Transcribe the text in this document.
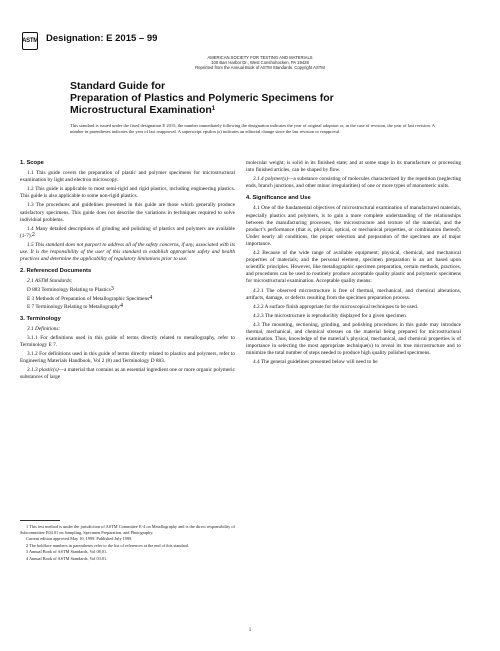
ASTM Designation: E 2015 – 99
AMERICAN SOCIETY FOR TESTING AND MATERIALS
100 Barr Harbor Dr., West Conshohocken, PA 19428
Reprinted from the Annual Book of ASTM Standards. Copyright ASTM
Standard Guide for
Preparation of Plastics and Polymeric Specimens for
Microstructural Examination$^1$
This standard is issued under the fixed designation E 2015; the number immediately following the designation indicates the year of original adoption or, in the case of revision, the year of last revision. A number in parentheses indicates the year of last reapproval. A superscript epsilon (ε) indicates an editorial change since the last revision or reapproval.

1. Scope

1.1 This guide covers the preparation of plastic and polymer specimens for microstructural examination by light and electron microscopy.

1.2 This guide is applicable to most semi-rigid and rigid plastics, including engineering plastics. This guide is also applicable to some non-rigid plastics.

1.3 The procedures and guidelines presented in this guide are those which generally produce satisfactory specimens. This guide does not describe the variations in techniques required to solve individual problems.

1.4 Many detailed descriptions of grinding and polishing of plastics and polymers are available (1-7).2

1.5 This standard does not purport to address all of the safety concerns, if any, associated with its use. It is the responsibility of the user of this standard to establish appropriate safety and health practices and determine the applicability of regulatory limitations prior to use.

2. Referenced Documents

2.1 ASTM Standards:

D 883 Terminology Relating to Plastics3

E 3 Methods of Preparation of Metallographic Specimens4

E 7 Terminology Relating to Metallography4

3. Terminology

3.1 Definitions:

3.1.1 For definitions used in this guide of terms directly related to metallography, refer to Terminology E 7.

3.1.2 For definitions used in this guide of terms directly related to plastics and polymers, refer to Engineering Materials Handbook, Vol 2 (8) and Terminology D 883.

3.1.3 plastic(s)—a material that contains as an essential ingredient one or more organic polymeric substances of large

1 This test method is under the jurisdiction of ASTM Committee E-4 on Metallography and is the direct responsibility of Subcommittee E04.01 on Sampling, Specimen Preparation, and Photography.

Current edition approved May 10, 1999. Published July 1999.

2 The boldface numbers in parentheses refer to the list of references at the end of this standard.

3 Annual Book of ASTM Standards, Vol 08.01.

4 Annual Book of ASTM Standards, Vol 03.01.

molecular weight; is solid in its finished state; and at some stage in its manufacture or processing into finished articles, can be shaped by flow.

3.1.4 polymer(s)—a substance consisting of molecules characterized by the repetition (neglecting ends, branch junctions, and other minor irregularities) of one or more types of monomeric units.

4. Significance and Use

4.1 One of the fundamental objectives of microstructural examination of manufactured materials, especially plastics and polymers, is to gain a more complete understanding of the relationships between the manufacturing processes, the microstructure and texture of the material, and the product’s performance (that is, physical, optical, or mechanical properties, or combination thereof). Under nearly all conditions, the proper selection and preparation of the specimen are of major importance.

4.2 Because of the wide range of available equipment; physical, chemical, and mechanical properties of materials; and the personal element, specimen preparation is an art based upon scientific principles. However, like metallographic specimen preparation, certain methods, practices, and procedures can be used to routinely produce acceptable quality plastic and polymeric specimens for microstructural examination. Acceptable quality means:

4.2.1 The observed microstructure is free of thermal, mechanical, and chemical alterations, artifacts, damage, or defects resulting from the specimen preparation process.

4.2.2 A surface finish appropriate for the microscopical techniques to be used.

4.2.3 The microstructure is reproducibly displayed for a given specimen.

4.3 The mounting, sectioning, grinding, and polishing procedures in this guide may introduce thermal, mechanical, and chemical stresses on the material being prepared for microstructural examination. Thus, knowledge of the material’s physical, mechanical, and chemical properties is of importance in selecting the most appropriate technique(s) to reveal its true microstructure and to minimize the total number of steps needed to produce high quality polished specimens.

4.4 The general guidelines presented below will need to be

1
